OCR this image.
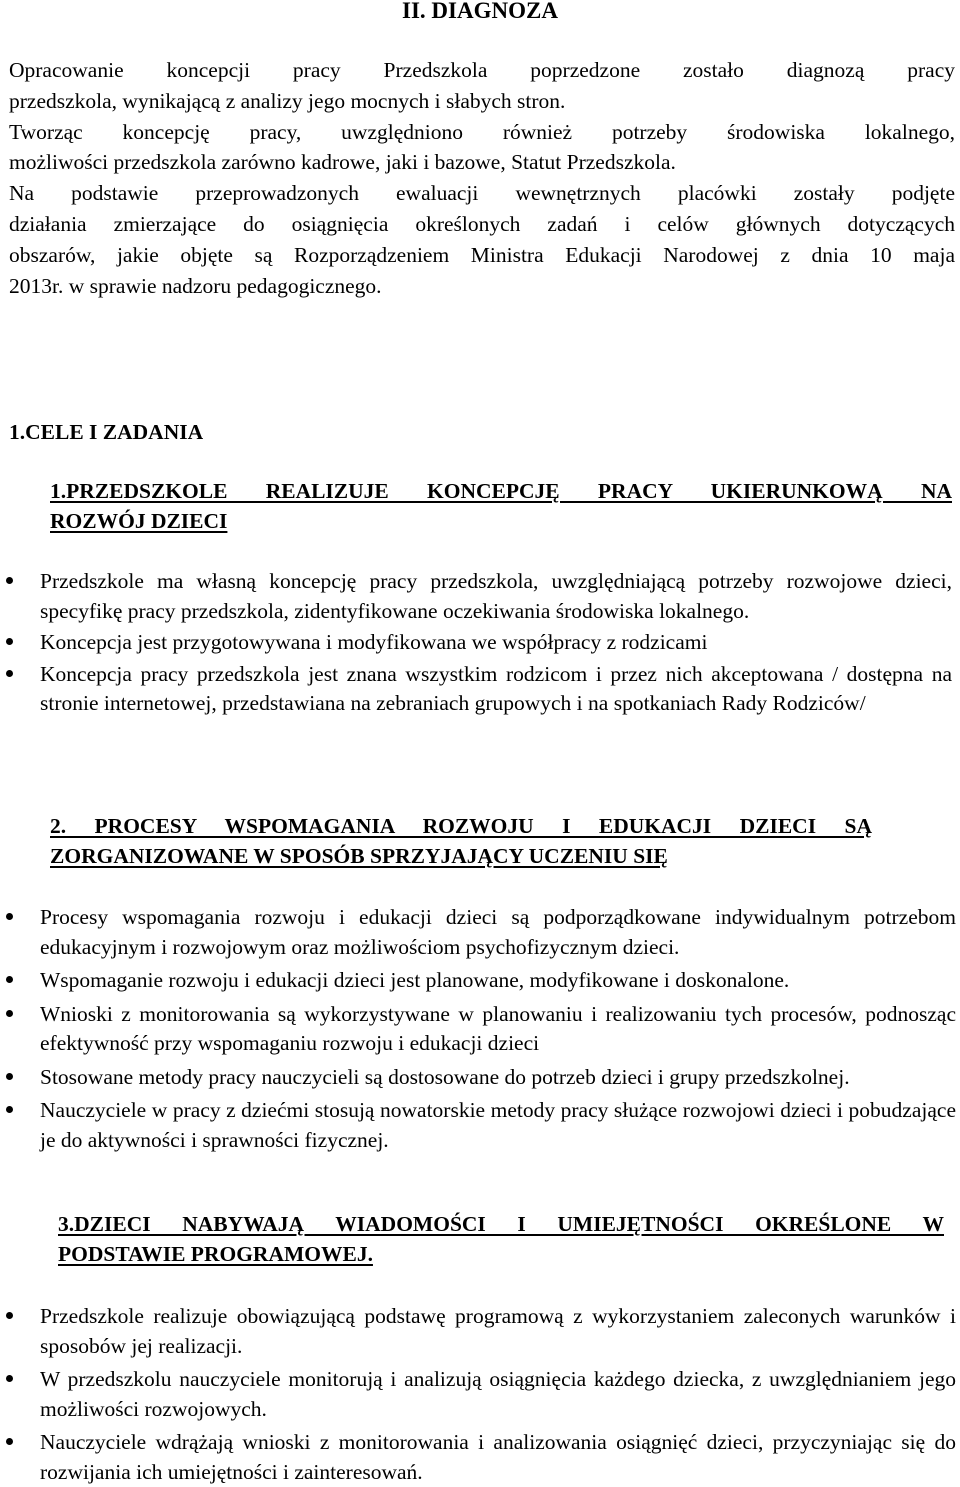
II. DIAGNOZA
Opracowanie koncepcji pracy Przedszkola poprzedzone zostało diagnozą pracy
przedszkola, wynikającą z analizy jego mocnych i słabych stron.
Tworząc koncepcję pracy, uwzględniono również potrzeby środowiska lokalnego,
możliwości przedszkola zarówno kadrowe, jaki i bazowe, Statut Przedszkola.
Na podstawie przeprowadzonych ewaluacji wewnętrznych placówki zostały podjęte
działania zmierzające do osiągnięcia określonych zadań i celów głównych dotyczących
obszarów, jakie objęte są Rozporządzeniem Ministra Edukacji Narodowej z dnia 10 maja
2013r. w sprawie nadzoru pedagogicznego.
1.CELE I ZADANIA
1.PRZEDSZKOLE REALIZUJE KONCEPCJĘ PRACY UKIERUNKOWĄ NA
ROZWÓJ DZIECI
Przedszkole ma własną koncepcję pracy przedszkola, uwzględniającą potrzeby rozwojowe dzieci, specyfikę pracy przedszkola, zidentyfikowane oczekiwania środowiska lokalnego.
Koncepcja jest przygotowywana i modyfikowana we współpracy z rodzicami
Koncepcja pracy przedszkola jest znana wszystkim rodzicom i przez nich akceptowana / dostępna na stronie internetowej, przedstawiana na zebraniach grupowych i na spotkaniach Rady Rodziców/
2. PROCESY WSPOMAGANIA ROZWOJU I EDUKACJI DZIECI SĄ
ZORGANIZOWANE W SPOSÓB SPRZYJAJĄCY UCZENIU SIĘ
Procesy wspomagania rozwoju i edukacji dzieci są podporządkowane indywidualnym potrzebom edukacyjnym i rozwojowym oraz możliwościom psychofizycznym dzieci.
Wspomaganie rozwoju i edukacji dzieci jest planowane, modyfikowane i doskonalone.
Wnioski z monitorowania są wykorzystywane w planowaniu i realizowaniu tych procesów, podnosząc efektywność przy wspomaganiu rozwoju i edukacji dzieci
Stosowane metody pracy nauczycieli są dostosowane do potrzeb dzieci i grupy przedszkolnej.
Nauczyciele w pracy z dziećmi stosują nowatorskie metody pracy służące rozwojowi dzieci i pobudzające je do aktywności i sprawności fizycznej.
3.DZIECI NABYWAJĄ WIADOMOŚCI I UMIEJĘTNOŚCI OKREŚLONE W
PODSTAWIE PROGRAMOWEJ.
Przedszkole realizuje obowiązującą podstawę programową z wykorzystaniem zaleconych warunków i sposobów jej realizacji.
W przedszkolu nauczyciele monitorują i analizują osiągnięcia każdego dziecka, z uwzględnianiem jego możliwości rozwojowych.
Nauczyciele wdrążają wnioski z monitorowania i analizowania osiągnięć dzieci, przyczyniając się do rozwijania ich umiejętności i zainteresowań.
